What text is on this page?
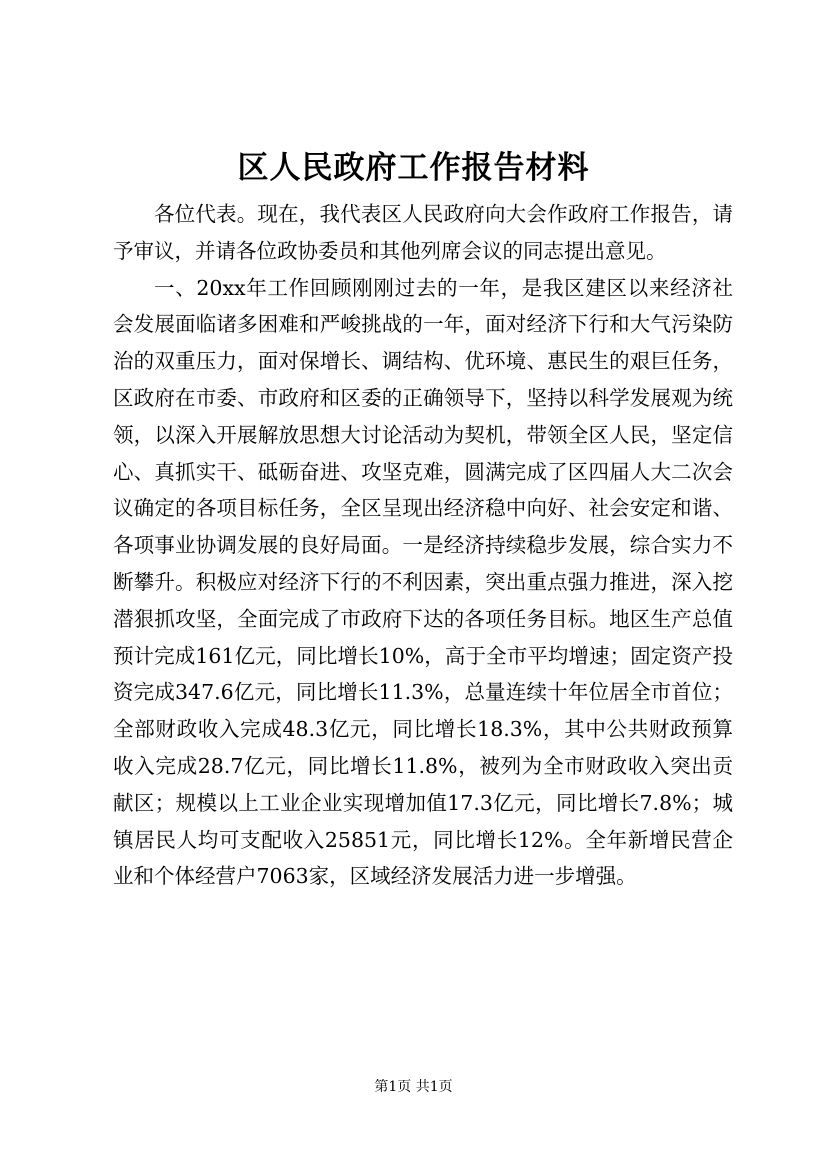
区人民政府工作报告材料

各位代表。现在，我代表区人民政府向大会作政府工作报告，请予审议，并请各位政协委员和其他列席会议的同志提出意见。

一、20xx年工作回顾刚刚过去的一年，是我区建区以来经济社会发展面临诸多困难和严峻挑战的一年，面对经济下行和大气污染防治的双重压力，面对保增长、调结构、优环境、惠民生的艰巨任务，区政府在市委、市政府和区委的正确领导下，坚持以科学发展观为统领，以深入开展解放思想大讨论活动为契机，带领全区人民，坚定信心、真抓实干、砥砺奋进、攻坚克难，圆满完成了区四届人大二次会议确定的各项目标任务，全区呈现出经济稳中向好、社会安定和谐、各项事业协调发展的良好局面。一是经济持续稳步发展，综合实力不断攀升。积极应对经济下行的不利因素，突出重点强力推进，深入挖潜狠抓攻坚，全面完成了市政府下达的各项任务目标。地区生产总值预计完成161亿元，同比增长10%，高于全市平均增速；固定资产投资完成347.6亿元，同比增长11.3%，总量连续十年位居全市首位；全部财政收入完成48.3亿元，同比增长18.3%，其中公共财政预算收入完成28.7亿元，同比增长11.8%，被列为全市财政收入突出贡献区；规模以上工业企业实现增加值17.3亿元，同比增长7.8%；城镇居民人均可支配收入25851元，同比增长12%。全年新增民营企业和个体经营户7063家，区域经济发展活力进一步增强。

第1页 共1页
